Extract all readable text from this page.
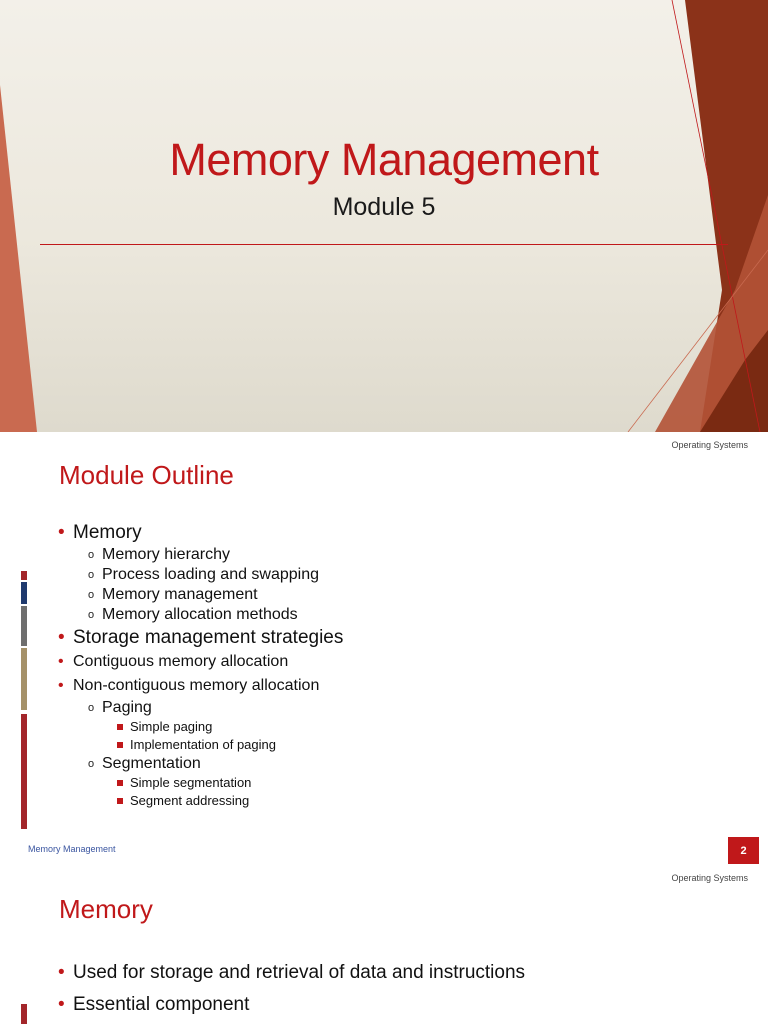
Memory Management
Module 5
Operating Systems
Module Outline
• Memory
o Memory hierarchy
o Process loading and swapping
o Memory management
o Memory allocation methods
• Storage management strategies
• Contiguous memory allocation
• Non-contiguous memory allocation
o Paging
Simple paging
Implementation of paging
o Segmentation
Simple segmentation
Segment addressing
Memory Management	2
Operating Systems
Memory
• Used for storage and retrieval of data and instructions
• Essential component
